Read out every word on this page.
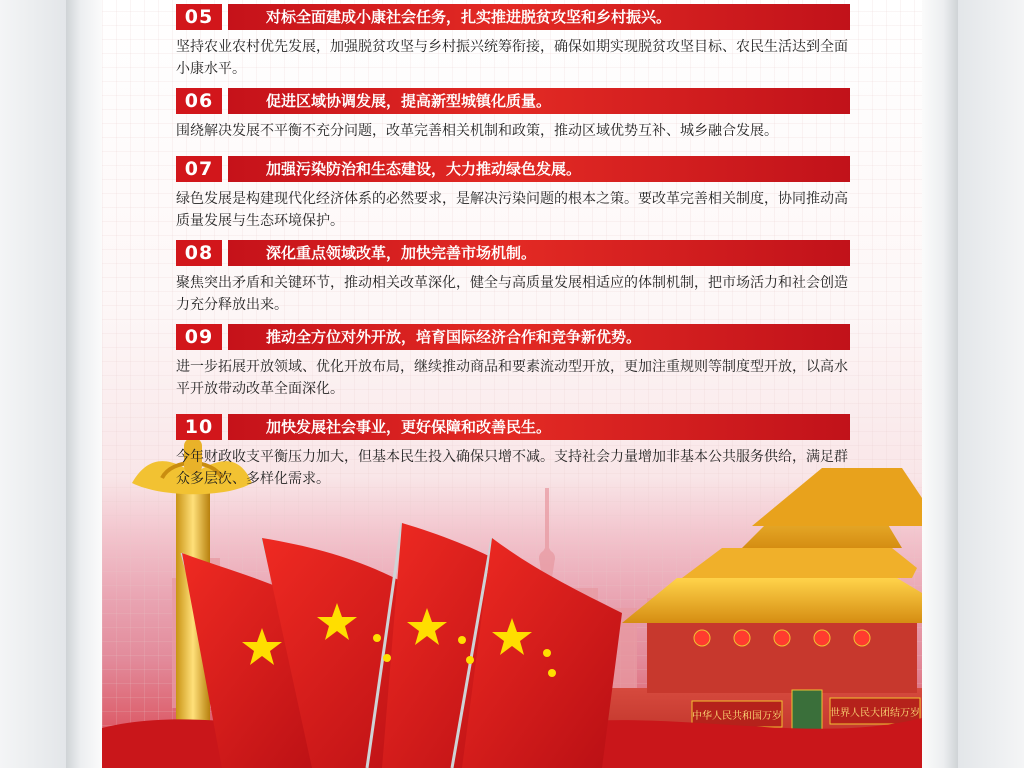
05	对标全面建成小康社会任务，扎实推进脱贫攻坚和乡村振兴。
坚持农业农村优先发展，加强脱贫攻坚与乡村振兴统筹衔接，确保如期实现脱贫攻坚目标、农民生活达到全面小康水平。
06	促进区域协调发展，提高新型城镇化质量。
围绕解决发展不平衡不充分问题，改革完善相关机制和政策，推动区域优势互补、城乡融合发展。
07	加强污染防治和生态建设，大力推动绿色发展。
绿色发展是构建现代化经济体系的必然要求，是解决污染问题的根本之策。要改革完善相关制度，协同推动高质量发展与生态环境保护。
08	深化重点领域改革，加快完善市场机制。
聚焦突出矛盾和关键环节，推动相关改革深化，健全与高质量发展相适应的体制机制，把市场活力和社会创造力充分释放出来。
09	推动全方位对外开放，培育国际经济合作和竞争新优势。
进一步拓展开放领域、优化开放布局，继续推动商品和要素流动型开放，更加注重规则等制度型开放，以高水平开放带动改革全面深化。
中华人民共和国万岁	世界人民大团结万岁
10	加快发展社会事业，更好保障和改善民生。
今年财政收支平衡压力加大，但基本民生投入确保只增不减。支持社会力量增加非基本公共服务供给，满足群众多层次、多样化需求。
